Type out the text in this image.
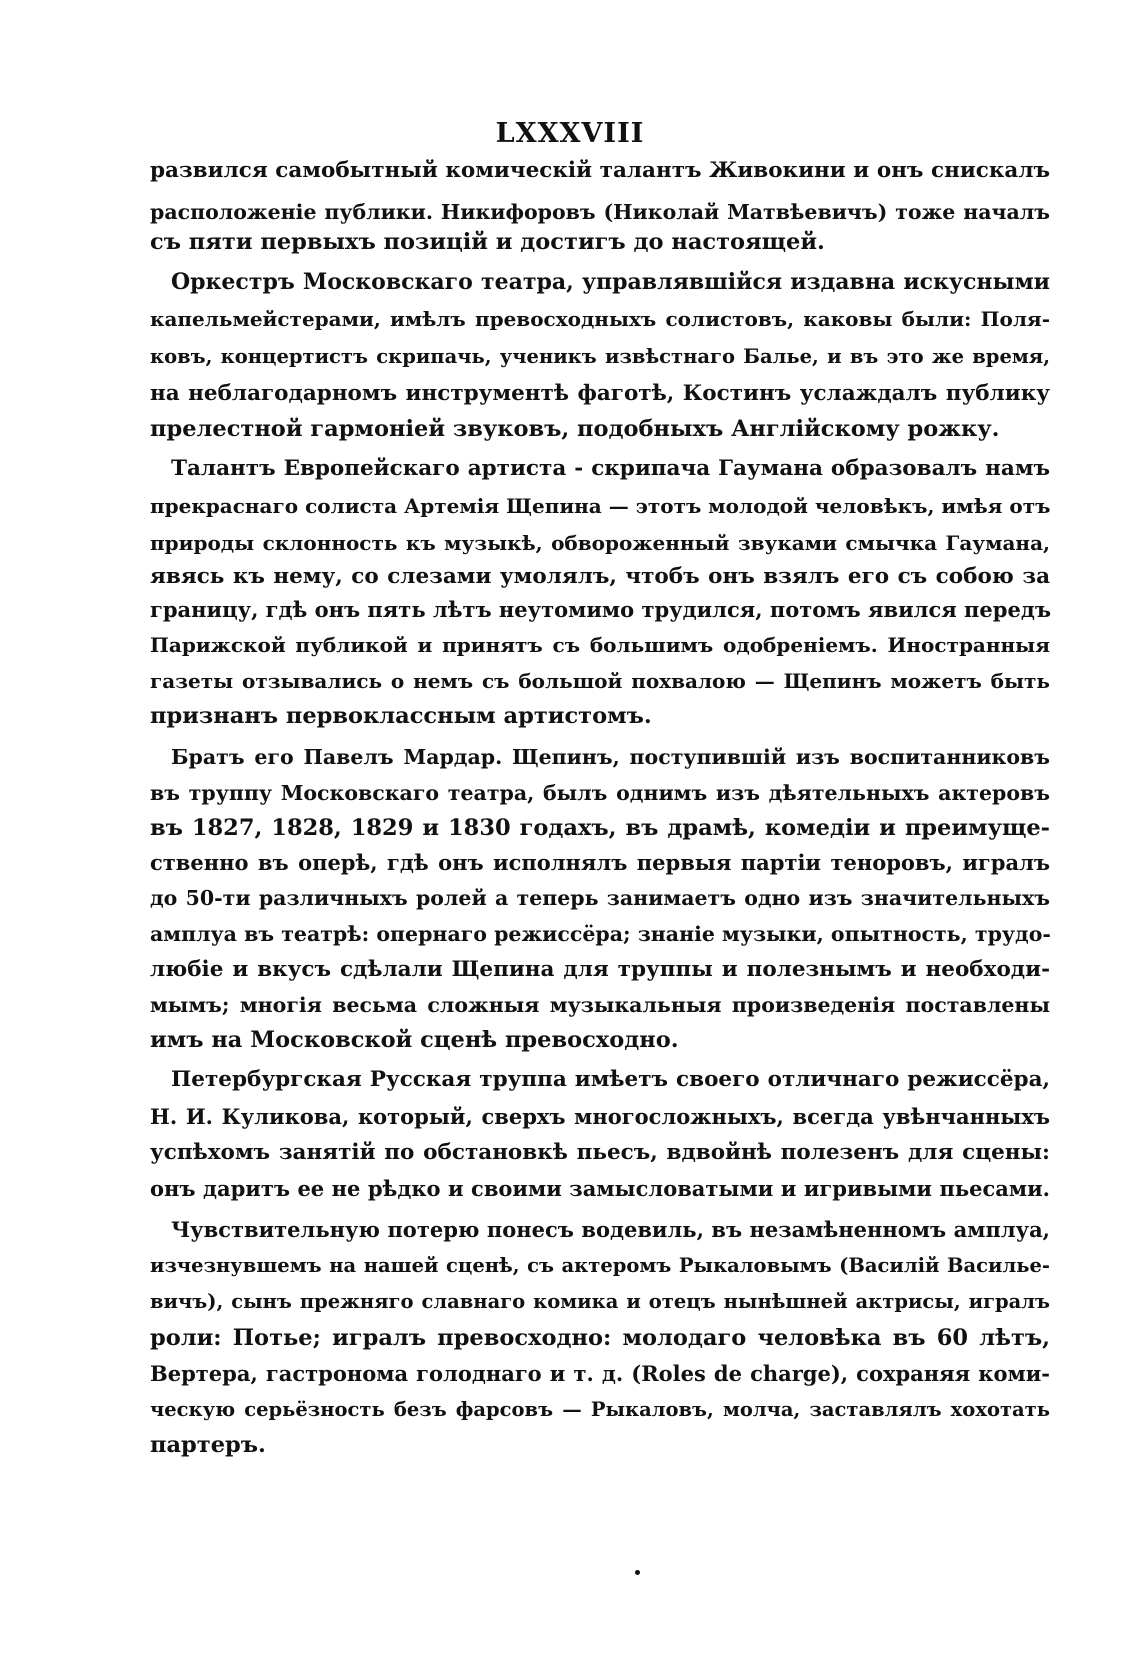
LXXXVIII
развился самобытный комическій талантъ Живокини и онъ снискалъ
расположеніе публики. Никифоровъ (Николай Матвѣевичъ) тоже началъ
съ пяти первыхъ позицій и достигъ до настоящей.
Оркестръ Московскаго театра, управлявшійся издавна искусными
капельмейстерами, имѣлъ превосходныхъ солистовъ, каковы были: Поля-
ковъ, концертистъ скрипачь, ученикъ извѣстнаго Балье, и въ это же время,
на неблагодарномъ инструментѣ фаготѣ, Костинъ услаждалъ публику
прелестной гармоніей звуковъ, подобныхъ Англійскому рожку.
Талантъ Европейскаго артиста - скрипача Гаумана образовалъ намъ
прекраснаго солиста Артемія Щепина — этотъ молодой человѣкъ, имѣя отъ
природы склонность къ музыкѣ, обвороженный звуками смычка Гаумана,
явясь къ нему, со слезами умолялъ, чтобъ онъ взялъ его съ собою за
границу, гдѣ онъ пять лѣтъ неутомимо трудился, потомъ явился передъ
Парижской публикой и принятъ съ большимъ одобреніемъ. Иностранныя
газеты отзывались о немъ съ большой похвалою — Щепинъ можетъ быть
признанъ первоклассным артистомъ.
Братъ его Павелъ Мардар. Щепинъ, поступившій изъ воспитанниковъ
въ труппу Московскаго театра, былъ однимъ изъ дѣятельныхъ актеровъ
въ 1827, 1828, 1829 и 1830 годахъ, въ драмѣ, комедіи и преимуще-
ственно въ оперѣ, гдѣ онъ исполнялъ первыя партіи теноровъ, игралъ
до 50-ти различныхъ ролей а теперь занимаетъ одно изъ значительныхъ
амплуа въ театрѣ: опернаго режиссёра; знаніе музыки, опытность, трудо-
любіе и вкусъ сдѣлали Щепина для труппы и полезнымъ и необходи-
мымъ; многія весьма сложныя музыкальныя произведенія поставлены
имъ на Московской сценѣ превосходно.
Петербургская Русская труппа имѣетъ своего отличнаго режиссёра,
Н. И. Куликова, который, сверхъ многосложныхъ, всегда увѣнчанныхъ
успѣхомъ занятій по обстановкѣ пьесъ, вдвойнѣ полезенъ для сцены:
онъ даритъ ее не рѣдко и своими замысловатыми и игривыми пьесами.
Чувствительную потерю понесъ водевиль, въ незамѣненномъ амплуа,
изчезнувшемъ на нашей сценѣ, съ актеромъ Рыкаловымъ (Василій Василье-
вичъ), сынъ прежняго славнаго комика и отецъ нынѣшней актрисы, игралъ
роли: Потье; игралъ превосходно: молодаго человѣка въ 60 лѣтъ,
Вертера, гастронома голоднаго и т. д. (Roles de charge), сохраняя коми-
ческую серьёзность безъ фарсовъ — Рыкаловъ, молча, заставлялъ хохотать
партеръ.
